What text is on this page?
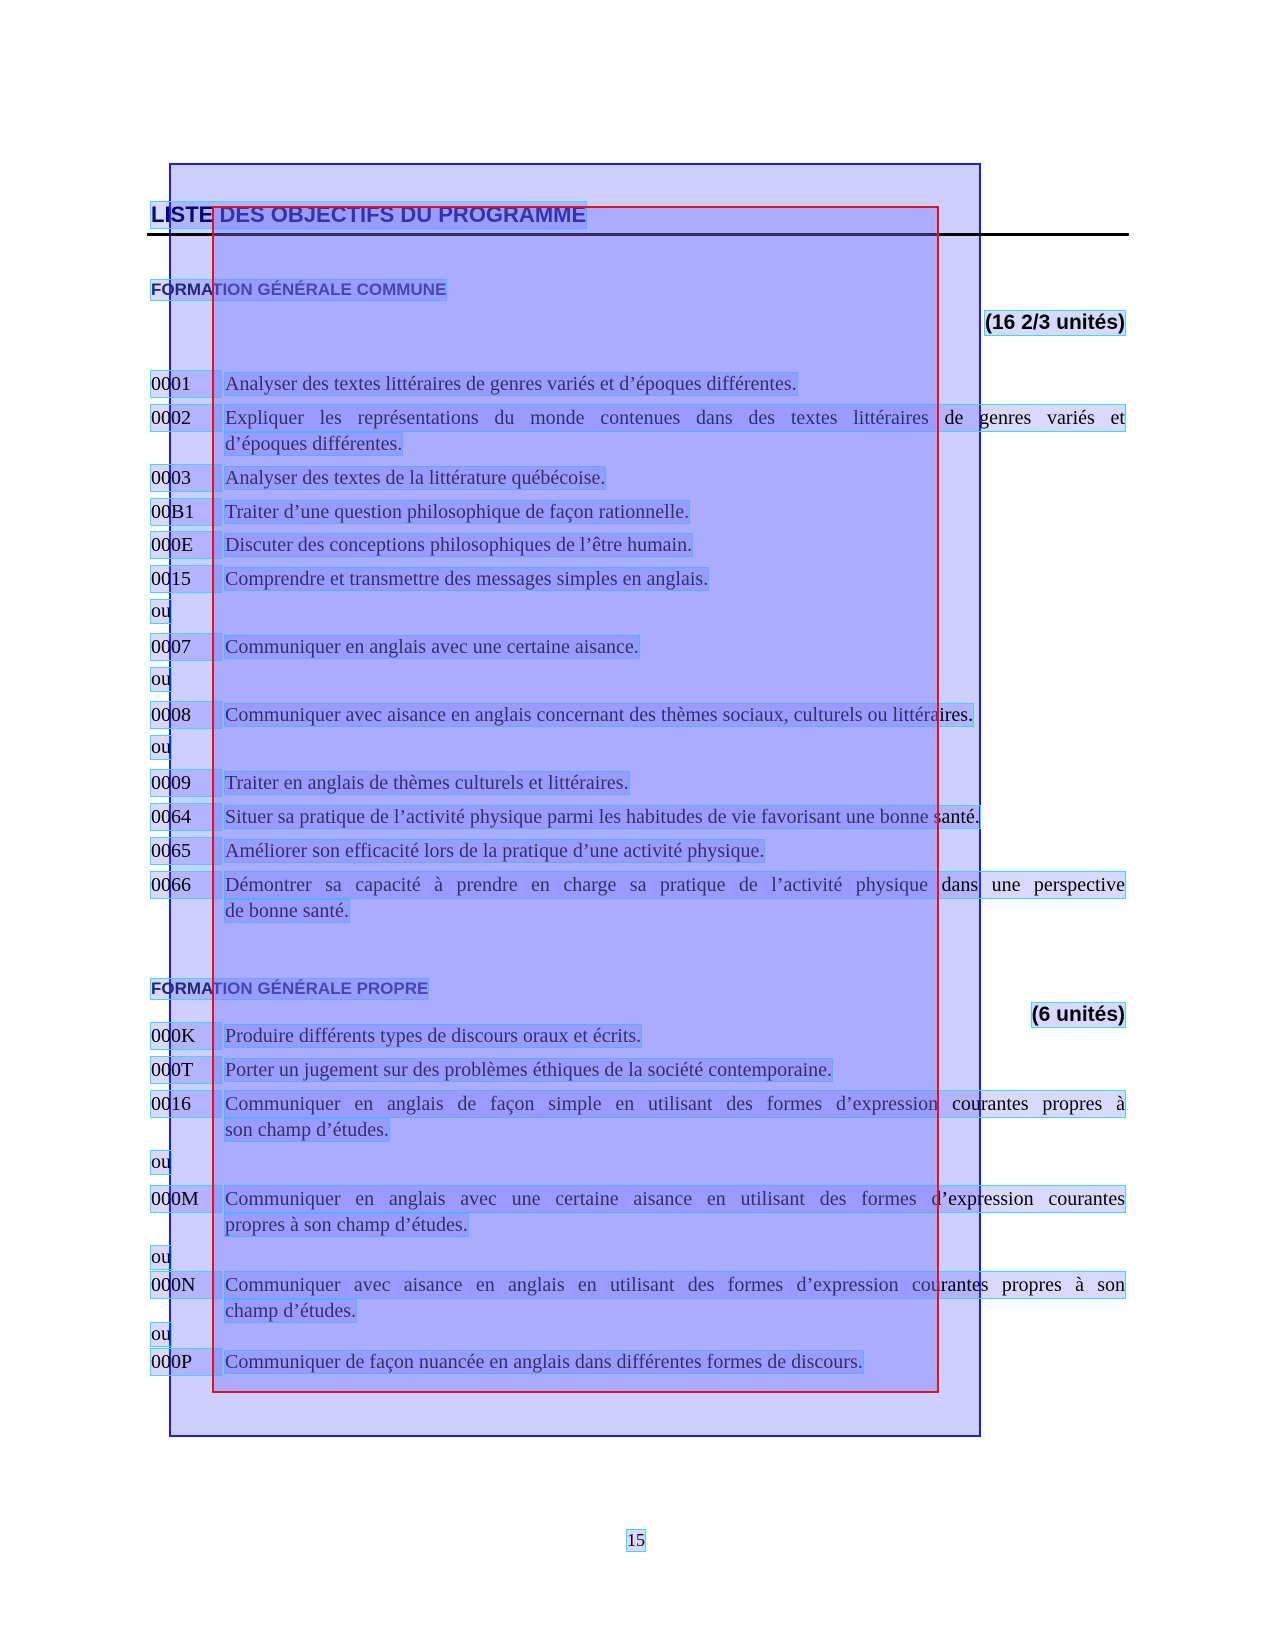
LISTE DES OBJECTIFS DU PROGRAMME
FORMATION GÉNÉRALE COMMUNE
(16 2/3 unités)
0001	Analyser des textes littéraires de genres variés et d’époques différentes.
0002	Expliquer les représentations du monde contenues dans des textes littéraires de genres variés et
d’époques différentes.
0003	Analyser des textes de la littérature québécoise.
00B1	Traiter d’une question philosophique de façon rationnelle.
000E	Discuter des conceptions philosophiques de l’être humain.
0015	Comprendre et transmettre des messages simples en anglais.
ou
0007	Communiquer en anglais avec une certaine aisance.
ou
0008	Communiquer avec aisance en anglais concernant des thèmes sociaux, culturels ou littéraires.
ou
0009	Traiter en anglais de thèmes culturels et littéraires.
0064	Situer sa pratique de l’activité physique parmi les habitudes de vie favorisant une bonne santé.
0065	Améliorer son efficacité lors de la pratique d’une activité physique.
0066	Démontrer sa capacité à prendre en charge sa pratique de l’activité physique dans une perspective
de bonne santé.
FORMATION GÉNÉRALE PROPRE
(6 unités)
000K	Produire différents types de discours oraux et écrits.
000T	Porter un jugement sur des problèmes éthiques de la société contemporaine.
0016	Communiquer en anglais de façon simple en utilisant des formes d’expression courantes propres à
son champ d’études.
ou
000M	Communiquer en anglais avec une certaine aisance en utilisant des formes d’expression courantes
propres à son champ d’études.
ou
000N	Communiquer avec aisance en anglais en utilisant des formes d’expression courantes propres à son
champ d’études.
ou
000P	Communiquer de façon nuancée en anglais dans différentes formes de discours.
15
